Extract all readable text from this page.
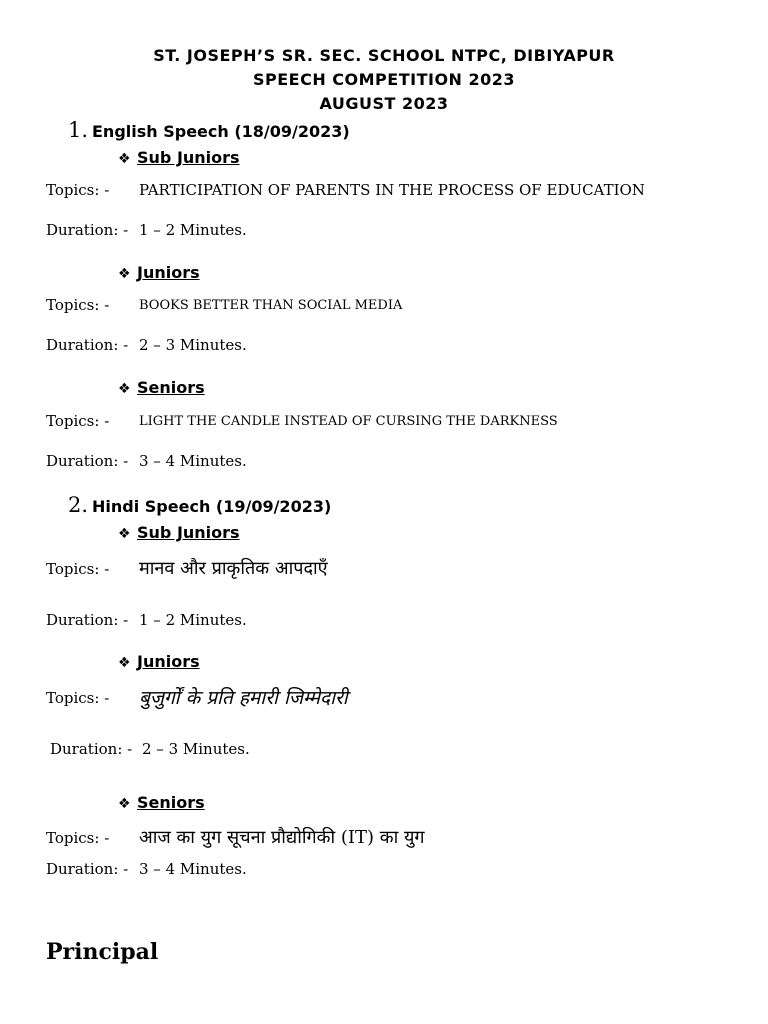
ST. JOSEPH’S SR. SEC. SCHOOL NTPC, DIBIYAPUR
SPEECH COMPETITION 2023
AUGUST 2023
1. English Speech (18/09/2023)
❖ Sub Juniors
Topics: - PARTICIPATION OF PARENTS IN THE PROCESS OF EDUCATION
Duration: - 1 – 2 Minutes.
❖ Juniors
Topics: - BOOKS BETTER THAN SOCIAL MEDIA
Duration: - 2 – 3 Minutes.
❖ Seniors
Topics: - LIGHT THE CANDLE INSTEAD OF CURSING THE DARKNESS
Duration: - 3 – 4 Minutes.
2. Hindi Speech (19/09/2023)
❖ Sub Juniors
Topics: - मानव और प्राकृतिक आपदाएँ
Duration: - 1 – 2 Minutes.
❖ Juniors
Topics: - बुजुर्गों के प्रति हमारी जिम्मेदारी
Duration: - 2 – 3 Minutes.
❖ Seniors
Topics: - आज का युग सूचना प्रौद्योगिकी (IT) का युग
Duration: - 3 – 4 Minutes.
Principal
